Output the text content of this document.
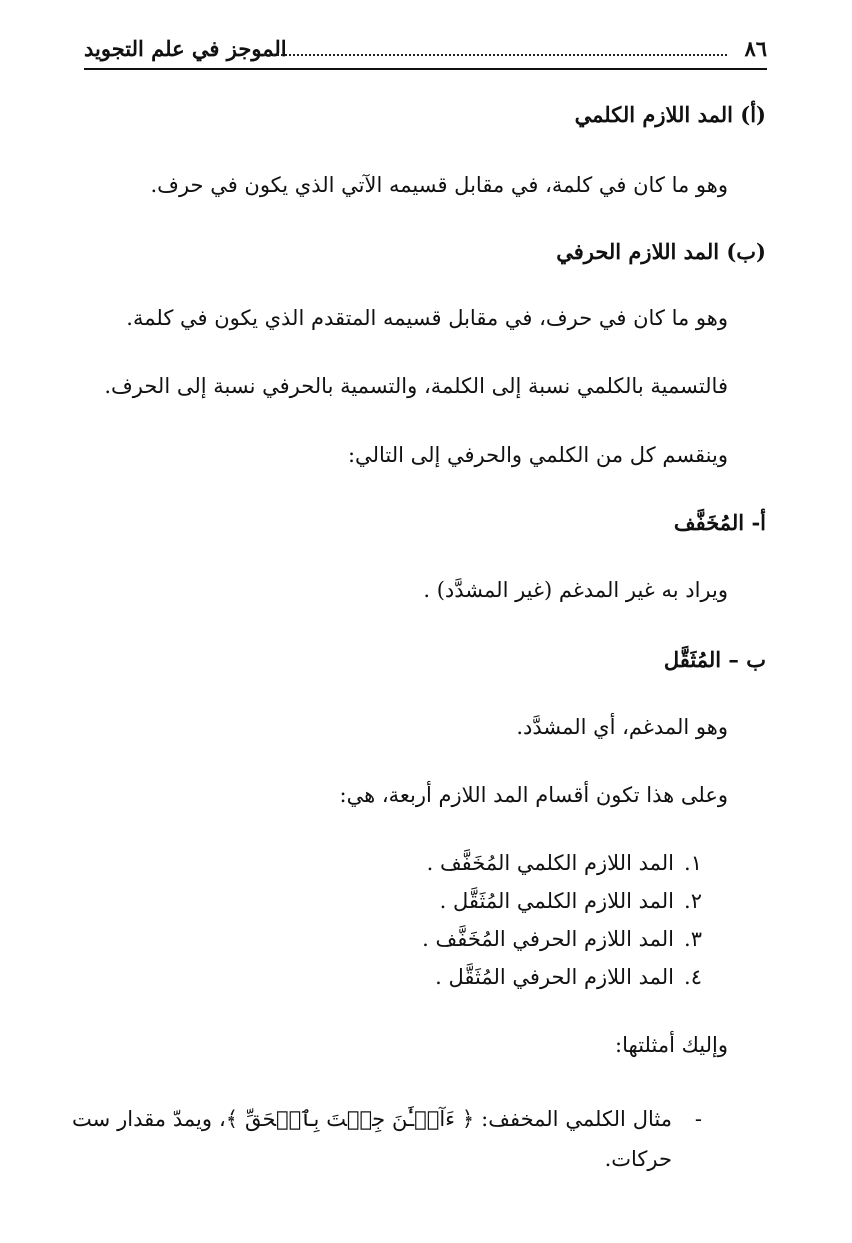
الموجز في علم التجويد	٨٦
(أ) المد اللازم الكلمي
وهو ما كان في كلمة، في مقابل قسيمه الآتي الذي يكون في حرف.
(ب) المد اللازم الحرفي
وهو ما كان في حرف، في مقابل قسيمه المتقدم الذي يكون في كلمة.
فالتسمية بالكلمي نسبة إلى الكلمة، والتسمية بالحرفي نسبة إلى الحرف.
وينقسم كل من الكلمي والحرفي إلى التالي:
أ- المُخَفَّف
ويراد به غير المدغم (غير المشدَّد) .
ب – المُثَقَّل
وهو المدغم، أي المشدَّد.
وعلى هذا تكون أقسام المد اللازم أربعة، هي:
١.المد اللازم الكلمي المُخَفَّف .
٢.المد اللازم الكلمي المُثَقَّل .
٣.المد اللازم الحرفي المُخَفَّف .
٤.المد اللازم الحرفي المُثَقَّل .
وإليك أمثلتها:
-
مثال الكلمي المخفف: ﴿ ءَآلۡـَٰٔنَ جِئۡتَ بِٱلۡحَقِّ ﴾، ويمدّ مقدار ست حركات.
